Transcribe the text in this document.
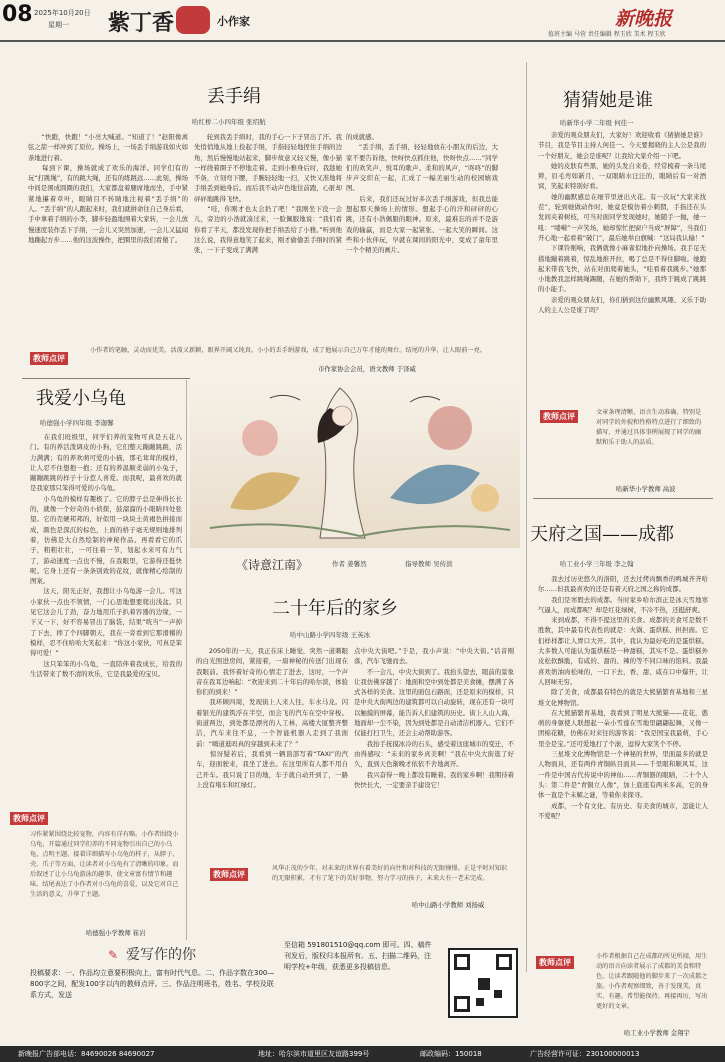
08 2025年10月20日
星期一 紫丁香	小作家	新晚报
值班主编 马营 责任编辑 程玉欣 美术 程玉欣
丢手绢
哈红桥二小四年级 张绍航
　　“快跑，快跑！”小亮大喊道。“知道了！”赵阳像离弦之箭一样冲到了原位。操场上，一场丢手绢游戏如火如荼地进行着。
　　每到下课，操场就成了欢乐的海洋。同学们有的玩“打跳绳”，有的跳大绳，还有的练跳远……此刻，操场中间是围成圆圈的我们，大家都盘着腿席地而坐，手中紧紧地攥着草叶，眼睛目不转睛地注视着“丢手绢”的人。“丢手绢”的人跑起来时，我们就拼命往自己身后看，手中拿着手绢的小李，脚步轻盈地围着大家转，一会儿放慢速度装作丢下手绢，一会儿又突然加速，一会儿又猛闻地蹦起方步……他的这波操作，把圈里的我们看傻了。
　　轮到我丢手绢时，我的手心一下子冒出了汗。我先悄悄地从地上捡起手绢，手指轻轻地捏住手绢的边角，然后慢慢地站起来，脚步故意又轻又慢，像小猫一样绕着圈子不停地走着。走到小雅身后时，我趁她不备，立刻弯下腰，手腕轻轻地一扫，又快又准地将手绢丢到她身后。而后我不动声色地往前跑，心脏却砰砰地跳得飞快。
　　“哇，你刚才也太会扔了吧！”我刚坐下没一会儿，旁边的小浩就凑过来，一脸佩服地说：“我们看你看了半天，都没发现你把手绢丢给了小雅。”听到他这么说，我得意地笑了起来，刚才偷偷丢手绢时的紧张，一下子变成了满满
的成就感。
　　“丢手绢，丢手绢，轻轻地放在小朋友的后边，大家不要告诉他，快呀快点抓住他，快呀快点……”同学们的欢笑声、悦耳的歌声、柔和的风声，“咚咚”的脚步声交织在一起，汇成了一幅美丽生动的校园嬉戏图。
　　后来，我们还玩过好多次丢手绢游戏，但我总能想起那天操场上的情形。想起手心的汗和砰砰的心跳，还有小浩佩服的眼神。原来，最难忘的并不是游戏的输赢，而是大家一起紧张、一起大笑的瞬间。这些和小伙伴玩，早就在课间的阳光中，变成了童年里一个个精美的画片。
教师点评
小作者的笔触，灵动而优美，活泼又新颖，眼界开阔又纯真。小小的丢手绢游戏，成了他展示自己万年才能的舞台。结尾的升华，让人眼前一亮。
市作家协会会员，语文教师 于泽威
猜猜她是谁
哈新华小学二年级 何佳一
　　亲爱的观众朋友们，大家好！欢迎收看《猜猜她是谁》节目，我是节目主持人何佳一。今天要揭晓的主人公是我的一个好朋友，她会是谁呢？让我给大家介绍一下吧。
　　她的皮肤有些黑，她的头发自来卷，经常梳着一条马尾辫，眉毛弯如新月，一双眼睛水汪汪的，眼睛后有一对酒窝，笑起来特别好看。
　　她的幽默感总在细节里迸出火花。有一次玩“大家来找茬”，轮到她做动作时，她竟是模仿着小刺猬，手指还在头发间夹着树枝，可当对面同学发现她时，她随手一抛，她一吼：“喽嗬”一声笑场，她却惊忙把窗户当成“屏障”，当我们开心地一起看着“破门”，最后她举白旗喊：“这局我认输！”
　　下课铃刚响，我俩就像小麻雀似地扑向操场。我手足无措地蹦着跳着，惊乱地推开拉，喝了总是不得住脚啦。她跑起来带我飞快，站在对面爬着她头，“哇看着我跳步。”她那小地教我怎样跳绳踢腿，在她的帮助下，我终于跳成了跳跳的小能手。
　　亲爱的观众朋友们，你们猜到这位幽默风趣、又乐于助人的主人公是谁了吗？
教师点评	文章条理清晰，语言生动准确，特别是对同学的外貌和性格特点进行了细致的描写，并通过具体事例展现了同学的幽默和乐于助人的品质。
哈新华小学教师 高波
《诗意江南》	作者 姜馨然	指导教师 吴传滨
我爱小乌龟
哈德强小学四年级 李迦馨
　　在我们班级里，同学们养的宠物可真是五花八门。有的养活泼调皮的小狗，它们整天蹦蹦跳跳，活力满满；有的养欢萌可爱的小猫，那毛茸茸的模样，让人忍不住想抱一抱；还有的养温顺柔弱的小兔子，蹦蹦跳跳的样子十分惹人喜爱。而我呢，最喜欢的就是我家那只笨得可爱的小乌龟。
　　小乌龟的模样有趣极了。它的脖子总是伸得长长的，就像一个好奇的小侦探，鼓溜溜的小眼睛四处张望。它的壳硬邦邦的，好似用一块块土黄褐色拼接而成，颜色是深沉的棕色，上面的格子毫无规则地排列着，仿佛是大自然绘制的神秘作品。再看看它的爪子，粗粗壮壮，一可往着一节，划起水来可有力气了，游动速度一点也不慢，在我眼里，它游得还挺快呢。它身上还有一条条别致的花纹，就像精心绘制的图案。
　　这天，阳光正好，我想让小乌龟游一会儿。可这小家伙一点也不领情，一门心思地想要爬出浅盆。只见它这会儿了劲，奋力地用爪子扒着容器的边缘，一下又一下，好不容易冒出了脑袋，结果“咣当”一声掉了下去，摔了个四脚朝天，我在一旁看到它那滑稽的模样，忍不住哈哈大笑起来：“你这小家伙，可真是笨得可爱！”
　　这只笨笨的小乌龟，一直陪伴着我成长，给我的生活带来了数不清的欢乐，它是我最爱的宝贝。
教师点评
习作紧紧围绕比较宠物，内容有详有略。小作者围绕小乌龟，开篇通过同学们养的不同宠物引出自己的小乌龟，点明主题。接着详细描写小乌龟的样子，从脖子、壳、爪子等方面，让读者对小乌龟有了清晰的印象。而后叙述了让小乌龟游泳的趣事，使文章富有情节和趣味。结尾表达了小作者对小乌龟的喜爱，以及它对自己生活的意义，升华了主题。
哈德强小学教师 崔岩
二十年后的家乡
哈中山路小学四年级 王英冰
　　2050年的一天，我正在床上睡觉，突然一道刺眼的白光照进房间，紧接着，一扇神秘的传送门出现在我眼前。我怀着好奇的心情走了进去，这时，一个声音在我耳边响起：“欢迎来到二十年后的哈尔滨，体验你们的到来！”
　　我环顾四周，发现街上人来人往，车水马龙。闪着银光的建筑浮在半空，而会飞的汽车在空中穿梭。街道两边，到处都是漂亮的人工林，高楼大厦整齐整洁，汽车来往不息，一个智能机器人走到了我面前：“嗨道逛吗真的穿越到未来了？”
　　惊讶疑若后，我看到一辆顶部写着“TAXI”的汽车，迎面驶来，我坐了进去。在这里所有人都不用自己开车。我只说了目的地，车子就自动开到了，一路上没有堵车和红绿灯。
点中央大街吧。”于是，我小声说：“中央大街。”话音刚落，汽车飞驰而去。
　　不一会儿，中央大街到了。我抬头望去，眼前的景象让我仿佛穿越了：地面和空中到处都是美食摊，摆满了各式各样的美食。这里的面包石路面，还是原来的模样，只是中央大街两边的建筑都可以自动旋转，现在还有一块可以触摸的屏幕，能告诉人们建筑的历史。街上人山人海，地面却一尘不染，因为到处都是自动清洁机器人。它们不仅能打扫卫生，还会主动帮助游客。
　　我抬手抚摸冰冷的石头，感受着这座城市的变迁，不由得感叹：“未来的家乡真美啊！”我在中央大街逛了好久，直到天色渐晚才依依不舍地离开。
　　我兴奋得一晚上都没有睡着。我的家乡啊！我期待着快快长大，一定要亲手建设它！
教师点评
风华正茂的少年，对未来的世界有着美好的向往和对科技的无限憧憬。正是平时对知识的无限积累，才有了笔下的美好事物，努力学习的孩子，未来大有一老未完成。
哈中山路小学教师 刘扬威
天府之国——成都
哈工业小学三年级 李之翰
　　我去过历史悠久的洛阳，还去过烤肉飘香的鸭城齐齐哈尔……但我最喜欢的还是有着天府之国之称的成都。
　　我们是寒假去的成都。当时家乡哈尔滨正是冰天雪地寒气逼人，而成都呢？却是红花绿树，不冷不热，还挺舒爽。
　　来到成都，不得不提这里的美食。成都的美食可是数不胜数，其中最有代表性的就是：火锅、蛋烘糕、担担面。它们样样都让人胃口大开。其中，我认为最好吃的是蛋烘糕。大多数人可能认为蛋烘糕是一种甜糕，其实不是。蛋烘糕外皮松软酥脆，有咸的、甜的、辣的等不同口味的馅料。我最喜欢奶油肉松味的，一口下去，香、甜、咸在口中爆开，让人回味无穷。
　　除了美食，成都最有特色的就是大熊猫繁育基地和三星堆文化博物馆。
　　在大熊猫繁育基地，我看到了明星大熊猫——花花，憨萌的身躯使人联想起一朵小雪莲在雪地里翩翩起舞，又像一团棉花糖，仿佛在对来往的游客说：“我是国宝我最萌，手心里全是宝。”还可爱地打了个滚，逗得大家笑个不停。
　　三星堆文化博物馆是一个神秘的世界，里面最多的就是人物面具，还有两件青铜纵目面具——千里眼和顺风耳，这一件是中国古代传说中的神仙……青铜器的眼睛，二十个人头：第二件是“青铜立人像”，加上底座有两米多高，它的身体一直是个未解之谜，等着你来探寻。
　　成都，一个有文化、有历史、有美食的城市，怎能让人不爱呢？
教师点评
小作者根据自己在成都的所见所闻，用生动的语言向读者展示了成都的美食和特色，让读者跟随他的脚步来了一次成都之旅。小作者观察细致，善于发现美，真实、有趣。希望能保持，再接再厉，写出更好的文章。
哈工业小学教师 金翔宇
✎ 爱写作的你
投稿要求：一、作品均立意要积极向上，富有时代气息。二、作品字数在300—800字之间，配发100字以内的教师点评。三、作品注明班名，姓名、学校及联系方式，发送
至信箱 591801510@qq.com 即可。四、稿件刊发后，版权归本报所有。五、扫描二维码，注明学校+年级，获悉更多投稿信息。
新晚报广告部电话：84690026 84690027	地址：哈尔滨市道里区友谊路399号	邮政编码：150018	广告经营许可证：230100000013
